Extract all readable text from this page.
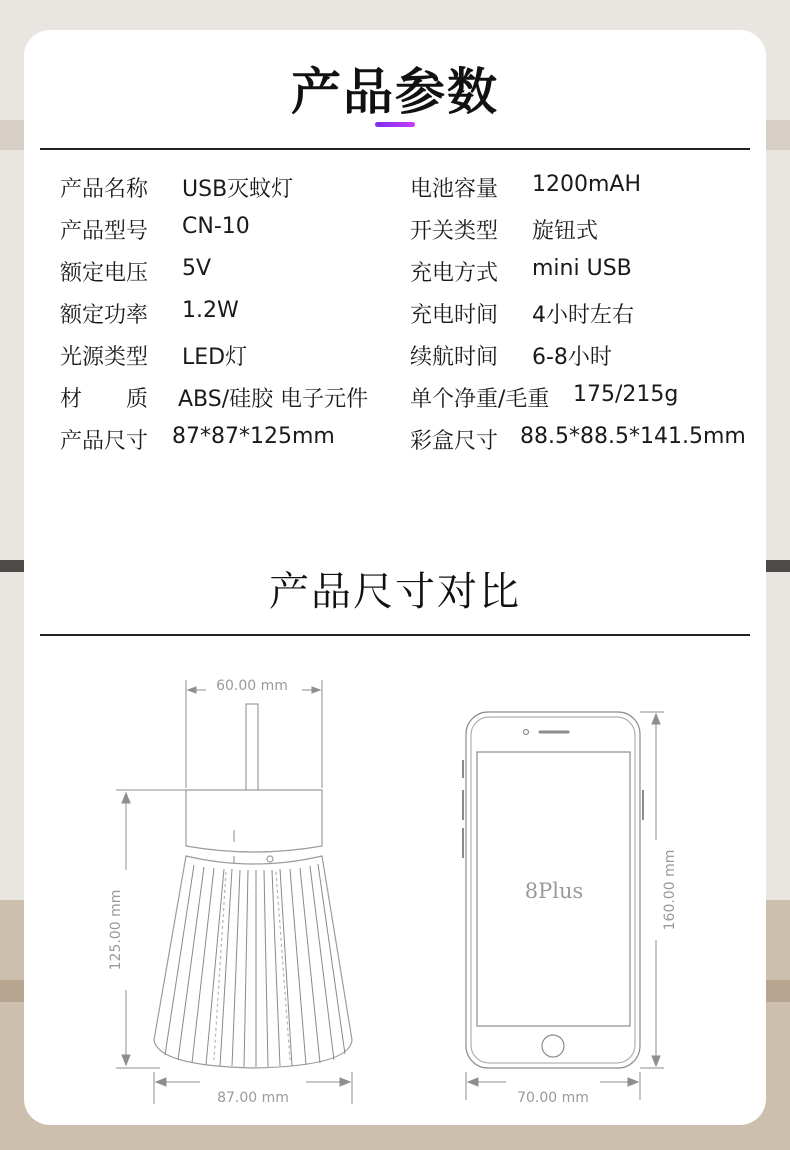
产品参数
产品名称 USB灭蚊灯
产品型号 CN-10
额定电压 5V
额定功率 1.2W
光源类型 LED灯
材　　质 ABS/硅胶 电子元件
产品尺寸 87*87*125mm
电池容量 1200mAH
开关类型 旋钮式
充电方式 mini USB
充电时间 4小时左右
续航时间 6-8小时
单个净重/毛重 175/215g
彩盒尺寸 88.5*88.5*141.5mm
产品尺寸对比
60.00 mm
125.00 mm
87.00 mm
8Plus	160.00 mm
70.00 mm
